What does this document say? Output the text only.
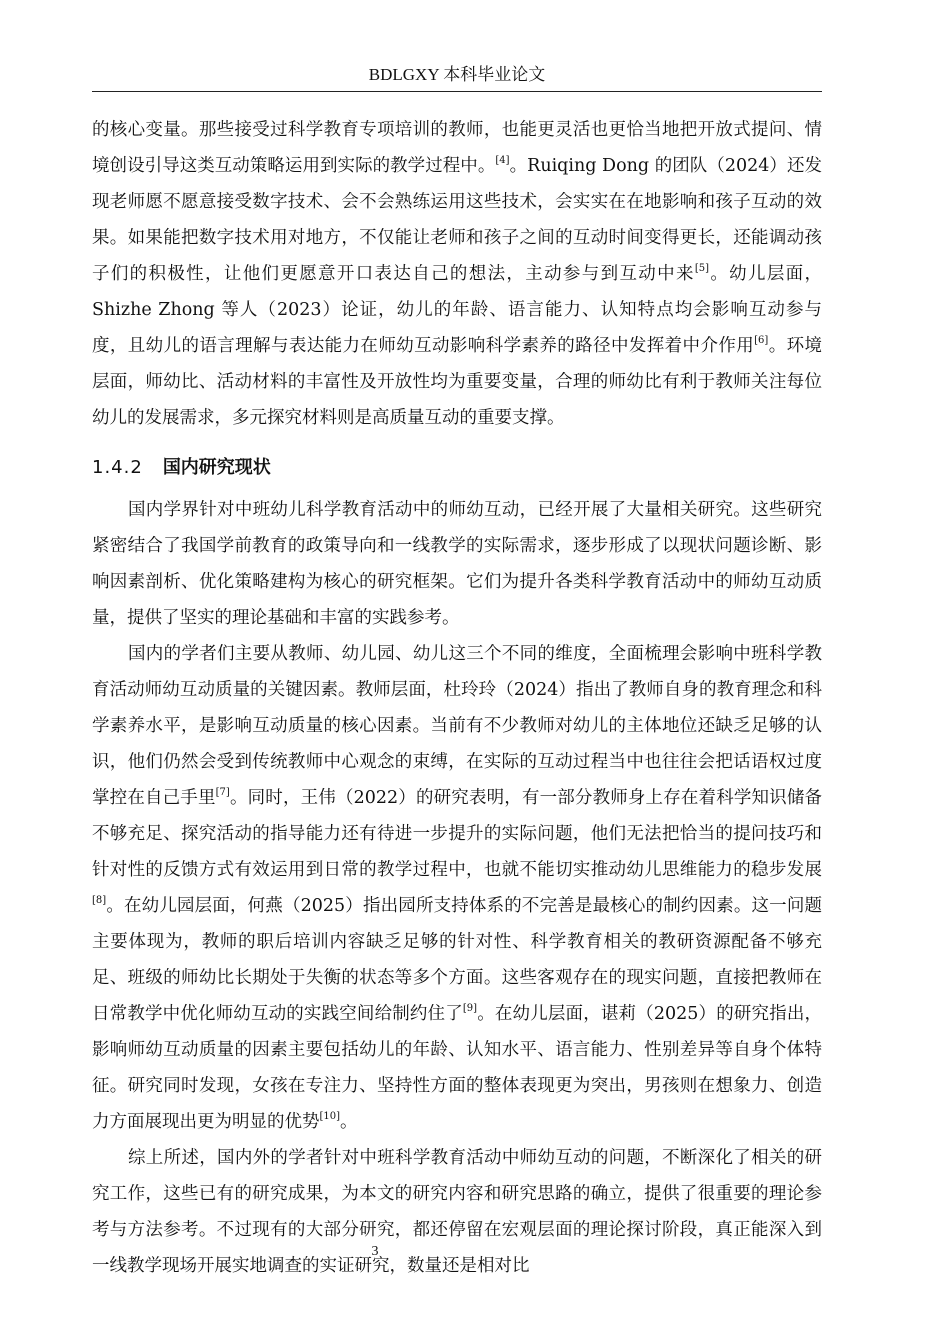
BDLGXY 本科毕业论文

的核心变量。那些接受过科学教育专项培训的教师，也能更灵活也更恰当地把开放式提问、情境创设引导这类互动策略运用到实际的教学过程中。[4]。Ruiqing Dong 的团队（2024）还发现老师愿不愿意接受数字技术、会不会熟练运用这些技术，会实实在在地影响和孩子互动的效果。如果能把数字技术用对地方，不仅能让老师和孩子之间的互动时间变得更长，还能调动孩子们的积极性，让他们更愿意开口表达自己的想法，主动参与到互动中来[5]。幼儿层面，Shizhe Zhong 等人（2023）论证，幼儿的年龄、语言能力、认知特点均会影响互动参与度，且幼儿的语言理解与表达能力在师幼互动影响科学素养的路径中发挥着中介作用[6]。环境层面，师幼比、活动材料的丰富性及开放性均为重要变量，合理的师幼比有利于教师关注每位幼儿的发展需求，多元探究材料则是高质量互动的重要支撑。

1.4.2 国内研究现状

国内学界针对中班幼儿科学教育活动中的师幼互动，已经开展了大量相关研究。这些研究紧密结合了我国学前教育的政策导向和一线教学的实际需求，逐步形成了以现状问题诊断、影响因素剖析、优化策略建构为核心的研究框架。它们为提升各类科学教育活动中的师幼互动质量，提供了坚实的理论基础和丰富的实践参考。

国内的学者们主要从教师、幼儿园、幼儿这三个不同的维度，全面梳理会影响中班科学教育活动师幼互动质量的关键因素。教师层面，杜玲玲（2024）指出了教师自身的教育理念和科学素养水平，是影响互动质量的核心因素。当前有不少教师对幼儿的主体地位还缺乏足够的认识，他们仍然会受到传统教师中心观念的束缚，在实际的互动过程当中也往往会把话语权过度掌控在自己手里[7]。同时，王伟（2022）的研究表明，有一部分教师身上存在着科学知识储备不够充足、探究活动的指导能力还有待进一步提升的实际问题，他们无法把恰当的提问技巧和针对性的反馈方式有效运用到日常的教学过程中，也就不能切实推动幼儿思维能力的稳步发展[8]。在幼儿园层面，何燕（2025）指出园所支持体系的不完善是最核心的制约因素。这一问题主要体现为，教师的职后培训内容缺乏足够的针对性、科学教育相关的教研资源配备不够充足、班级的师幼比长期处于失衡的状态等多个方面。这些客观存在的现实问题，直接把教师在日常教学中优化师幼互动的实践空间给制约住了[9]。在幼儿层面，谌莉（2025）的研究指出，影响师幼互动质量的因素主要包括幼儿的年龄、认知水平、语言能力、性别差异等自身个体特征。研究同时发现，女孩在专注力、坚持性方面的整体表现更为突出，男孩则在想象力、创造力方面展现出更为明显的优势[10]。

综上所述，国内外的学者针对中班科学教育活动中师幼互动的问题，不断深化了相关的研究工作，这些已有的研究成果，为本文的研究内容和研究思路的确立，提供了很重要的理论参考与方法参考。不过现有的大部分研究，都还停留在宏观层面的理论探讨阶段，真正能深入到一线教学现场开展实地调查的实证研究，数量还是相对比

3
